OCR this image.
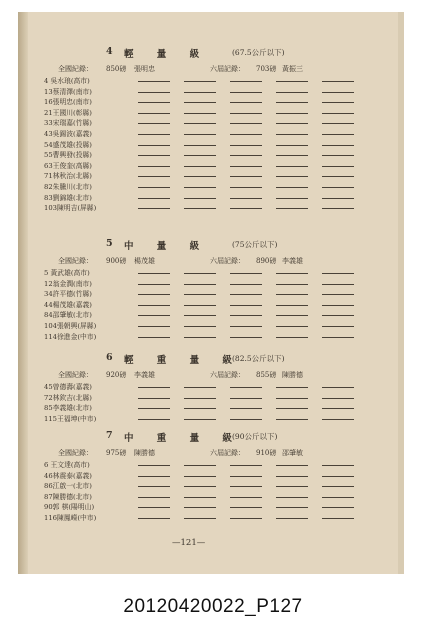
4 輕 量 級	(67.5公斤以下)
全國紀錄： 850磅 張明忠	六屆記錄： 703磅 黃振三
4 吳水琅(高市)
13蔡清澤(南市)
16張明忠(南市)
21王國川(彰縣)
33宋瑞嘉(竹縣)
43吳錫波(嘉義)
54盛茂雄(投縣)
55曹興發(投縣)
63王俊奎(高縣)
71林秋治(北縣)
82朱騰川(北市)
83劉錦雄(北市)
103陳明吉(屏縣)
5 中 量 級	(75公斤以下)
全國紀錄： 900磅 楊茂雄	六屆記錄： 890磅 李義雄
5 黃武雄(高市)
12翁金潤(南市)
34許平德(竹縣)
44楊茂雄(嘉義)
84邵肇敏(北市)
104張朝興(屏縣)
114徐進金(中市)
6 輕 重 量 級
(82.5公斤以下)
全國紀錄： 920磅 李義雄	六屆記錄： 855磅 陳勝德
45曾德壽(嘉義)
72林欽吉(北縣)
85李義雄(北市)
115王福坤(中市)
7 中 重 量 級
(90公斤以下)
全國紀錄： 975磅 陳勝德	六屆記錄： 910磅 邵肇敏
6 王文達(高市)
46林震泰(嘉義)
86江啟一(北市)
87陳勝德(北市)
90郭 棋(陽明山)
116陳鳳嶸(中市)
—121—
20120420022_P127
